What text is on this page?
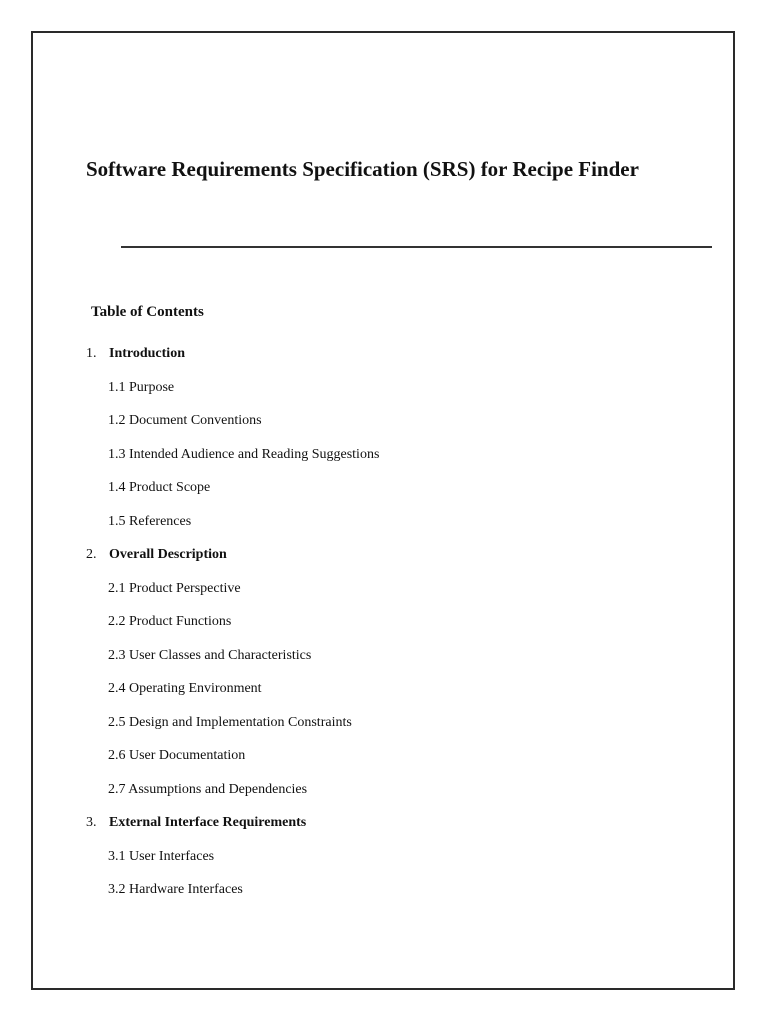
Software Requirements Specification (SRS) for Recipe Finder
Table of Contents
1. Introduction
1.1 Purpose
1.2 Document Conventions
1.3 Intended Audience and Reading Suggestions
1.4 Product Scope
1.5 References
2. Overall Description
2.1 Product Perspective
2.2 Product Functions
2.3 User Classes and Characteristics
2.4 Operating Environment
2.5 Design and Implementation Constraints
2.6 User Documentation
2.7 Assumptions and Dependencies
3. External Interface Requirements
3.1 User Interfaces
3.2 Hardware Interfaces
